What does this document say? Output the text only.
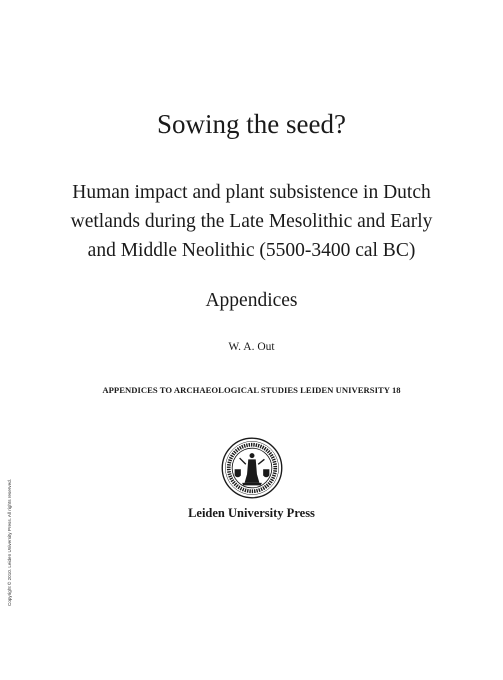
Sowing the seed?
Human impact and plant subsistence in Dutch
wetlands during the Late Mesolithic and Early
and Middle Neolithic (5500-3400 cal BC)
Appendices
W. A. Out
APPENDICES TO ARCHAEOLOGICAL STUDIES LEIDEN UNIVERSITY 18
Leiden University Press
Copyright © 2010. Leiden University Press. All rights reserved.
